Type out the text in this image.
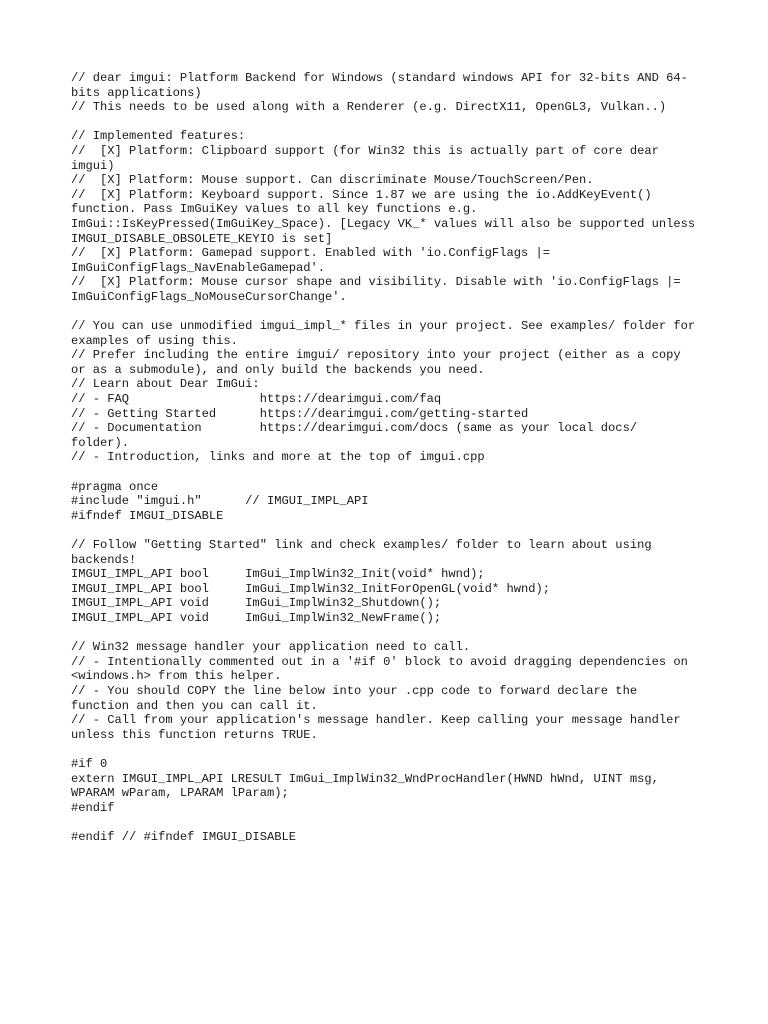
// dear imgui: Platform Backend for Windows (standard windows API for 32-bits AND 64-bits applications)
// This needs to be used along with a Renderer (e.g. DirectX11, OpenGL3, Vulkan..)
// Implemented features:
//  [X] Platform: Clipboard support (for Win32 this is actually part of core dear imgui)
//  [X] Platform: Mouse support. Can discriminate Mouse/TouchScreen/Pen.
//  [X] Platform: Keyboard support. Since 1.87 we are using the io.AddKeyEvent() function. Pass ImGuiKey values to all key functions e.g. ImGui::IsKeyPressed(ImGuiKey_Space). [Legacy VK_* values will also be supported unless IMGUI_DISABLE_OBSOLETE_KEYIO is set]
//  [X] Platform: Gamepad support. Enabled with 'io.ConfigFlags |= ImGuiConfigFlags_NavEnableGamepad'.
//  [X] Platform: Mouse cursor shape and visibility. Disable with 'io.ConfigFlags |= ImGuiConfigFlags_NoMouseCursorChange'.
// You can use unmodified imgui_impl_* files in your project. See examples/ folder for examples of using this.
// Prefer including the entire imgui/ repository into your project (either as a copy or as a submodule), and only build the backends you need.
// Learn about Dear ImGui:
// - FAQ                  https://dearimgui.com/faq
// - Getting Started      https://dearimgui.com/getting-started
// - Documentation        https://dearimgui.com/docs (same as your local docs/ folder).
// - Introduction, links and more at the top of imgui.cpp
#pragma once
#include "imgui.h"      // IMGUI_IMPL_API
#ifndef IMGUI_DISABLE
// Follow "Getting Started" link and check examples/ folder to learn about using backends!
IMGUI_IMPL_API bool     ImGui_ImplWin32_Init(void* hwnd);
IMGUI_IMPL_API bool     ImGui_ImplWin32_InitForOpenGL(void* hwnd);
IMGUI_IMPL_API void     ImGui_ImplWin32_Shutdown();
IMGUI_IMPL_API void     ImGui_ImplWin32_NewFrame();
// Win32 message handler your application need to call.
// - Intentionally commented out in a '#if 0' block to avoid dragging dependencies on <windows.h> from this helper.
// - You should COPY the line below into your .cpp code to forward declare the function and then you can call it.
// - Call from your application's message handler. Keep calling your message handler unless this function returns TRUE.
#if 0
extern IMGUI_IMPL_API LRESULT ImGui_ImplWin32_WndProcHandler(HWND hWnd, UINT msg, WPARAM wParam, LPARAM lParam);
#endif
#endif // #ifndef IMGUI_DISABLE
